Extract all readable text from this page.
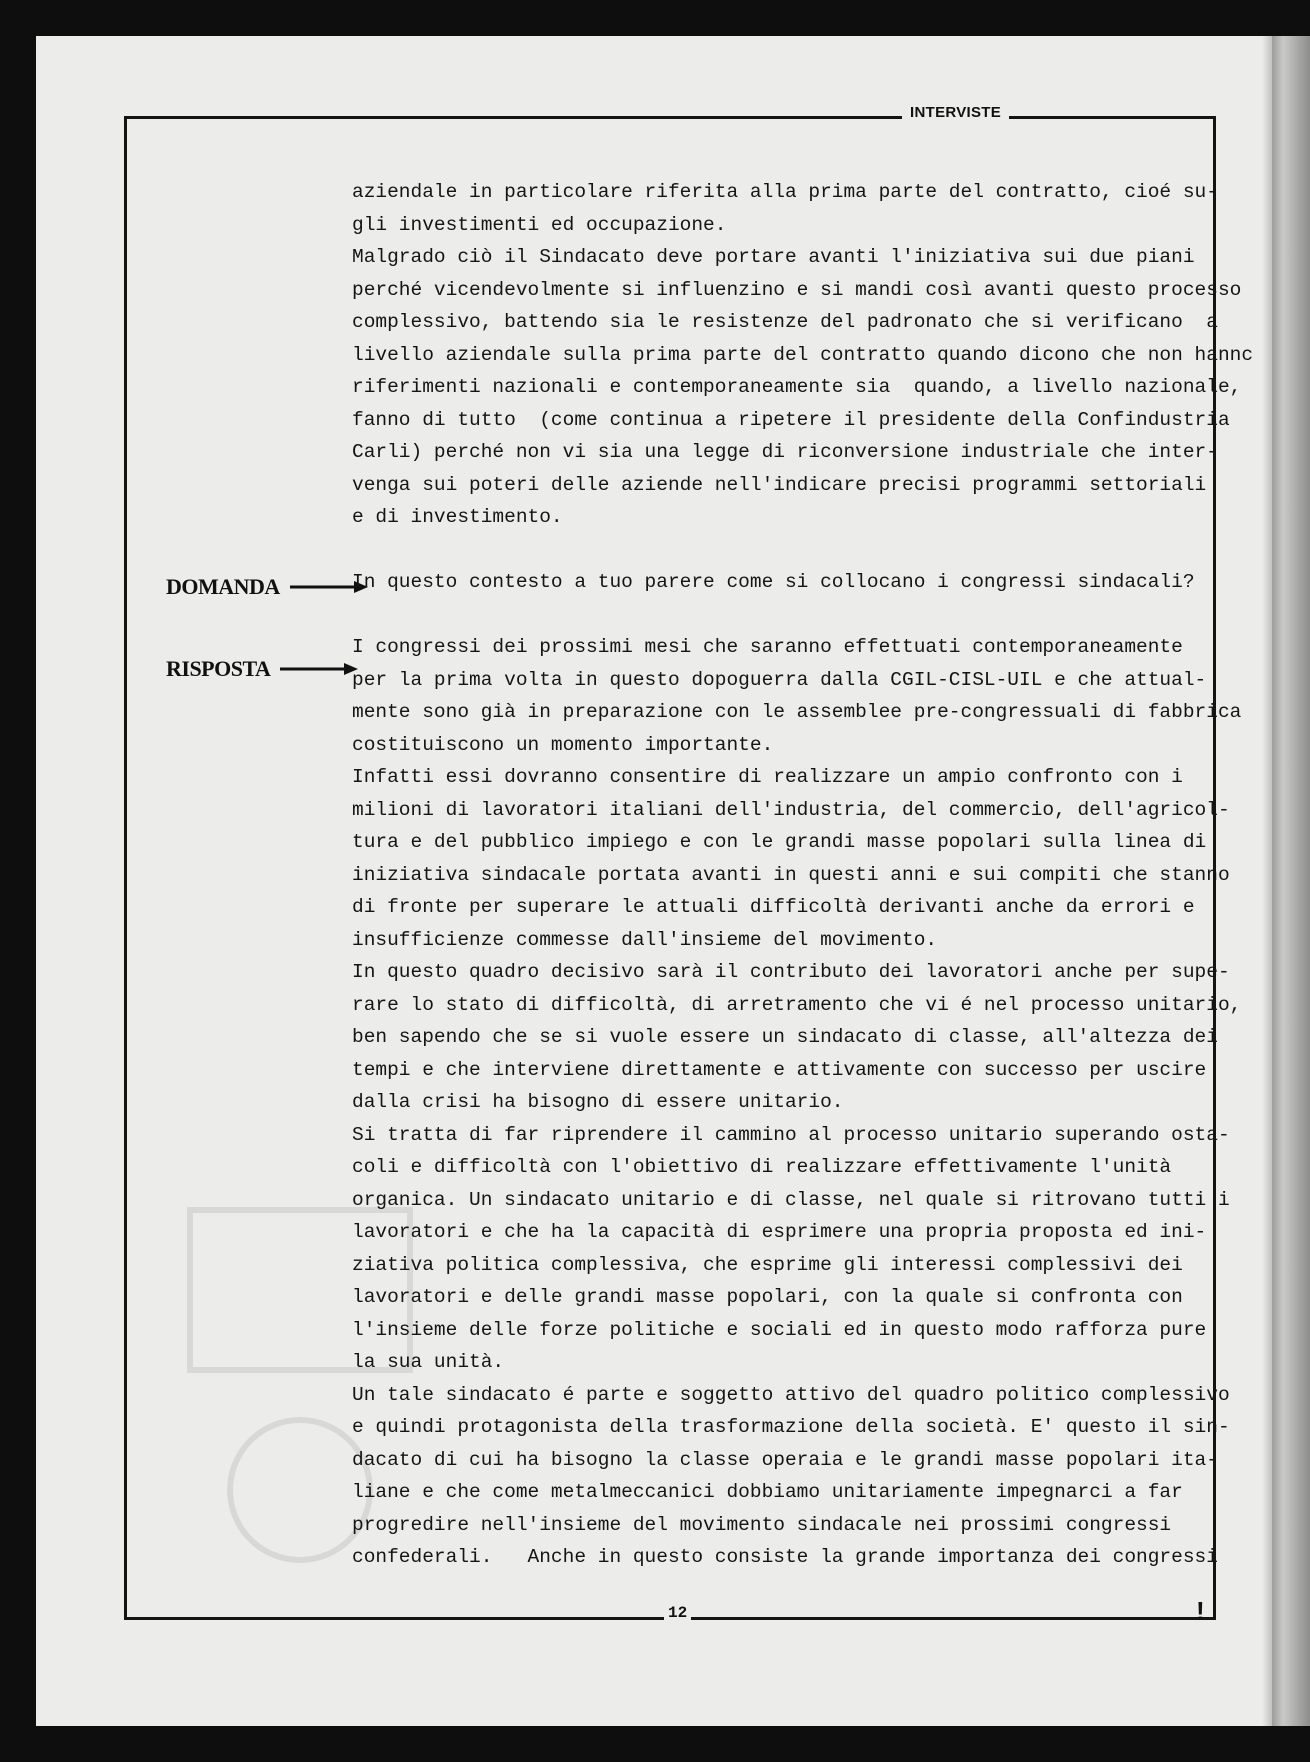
INTERVISTE
DOMANDA
RISPOSTA
aziendale in particolare riferita alla prima parte del contratto, cioé su-
gli investimenti ed occupazione.
Malgrado ciò il Sindacato deve portare avanti l'iniziativa sui due piani
perché vicendevolmente si influenzino e si mandi così avanti questo processo
complessivo, battendo sia le resistenze del padronato che si verificano  a
livello aziendale sulla prima parte del contratto quando dicono che non hannc
riferimenti nazionali e contemporaneamente sia  quando, a livello nazionale,
fanno di tutto  (come continua a ripetere il presidente della Confindustria
Carli) perché non vi sia una legge di riconversione industriale che inter-
venga sui poteri delle aziende nell'indicare precisi programmi settoriali
e di investimento.
In questo contesto a tuo parere come si collocano i congressi sindacali?
I congressi dei prossimi mesi che saranno effettuati contemporaneamente
per la prima volta in questo dopoguerra dalla CGIL-CISL-UIL e che attual-
mente sono già in preparazione con le assemblee pre-congressuali di fabbrica
costituiscono un momento importante.
Infatti essi dovranno consentire di realizzare un ampio confronto con i
milioni di lavoratori italiani dell'industria, del commercio, dell'agricol-
tura e del pubblico impiego e con le grandi masse popolari sulla linea di
iniziativa sindacale portata avanti in questi anni e sui compiti che stanno
di fronte per superare le attuali difficoltà derivanti anche da errori e
insufficienze commesse dall'insieme del movimento.
In questo quadro decisivo sarà il contributo dei lavoratori anche per supe-
rare lo stato di difficoltà, di arretramento che vi é nel processo unitario,
ben sapendo che se si vuole essere un sindacato di classe, all'altezza dei
tempi e che interviene direttamente e attivamente con successo per uscire
dalla crisi ha bisogno di essere unitario.
Si tratta di far riprendere il cammino al processo unitario superando osta-
coli e difficoltà con l'obiettivo di realizzare effettivamente l'unità
organica. Un sindacato unitario e di classe, nel quale si ritrovano tutti i
lavoratori e che ha la capacità di esprimere una propria proposta ed ini-
ziativa politica complessiva, che esprime gli interessi complessivi dei
lavoratori e delle grandi masse popolari, con la quale si confronta con
l'insieme delle forze politiche e sociali ed in questo modo rafforza pure
la sua unità.
Un tale sindacato é parte e soggetto attivo del quadro politico complessivo
e quindi protagonista della trasformazione della società. E' questo il sin-
dacato di cui ha bisogno la classe operaia e le grandi masse popolari ita-
liane e che come metalmeccanici dobbiamo unitariamente impegnarci a far
progredire nell'insieme del movimento sindacale nei prossimi congressi
confederali.   Anche in questo consiste la grande importanza dei congressi
!
12
